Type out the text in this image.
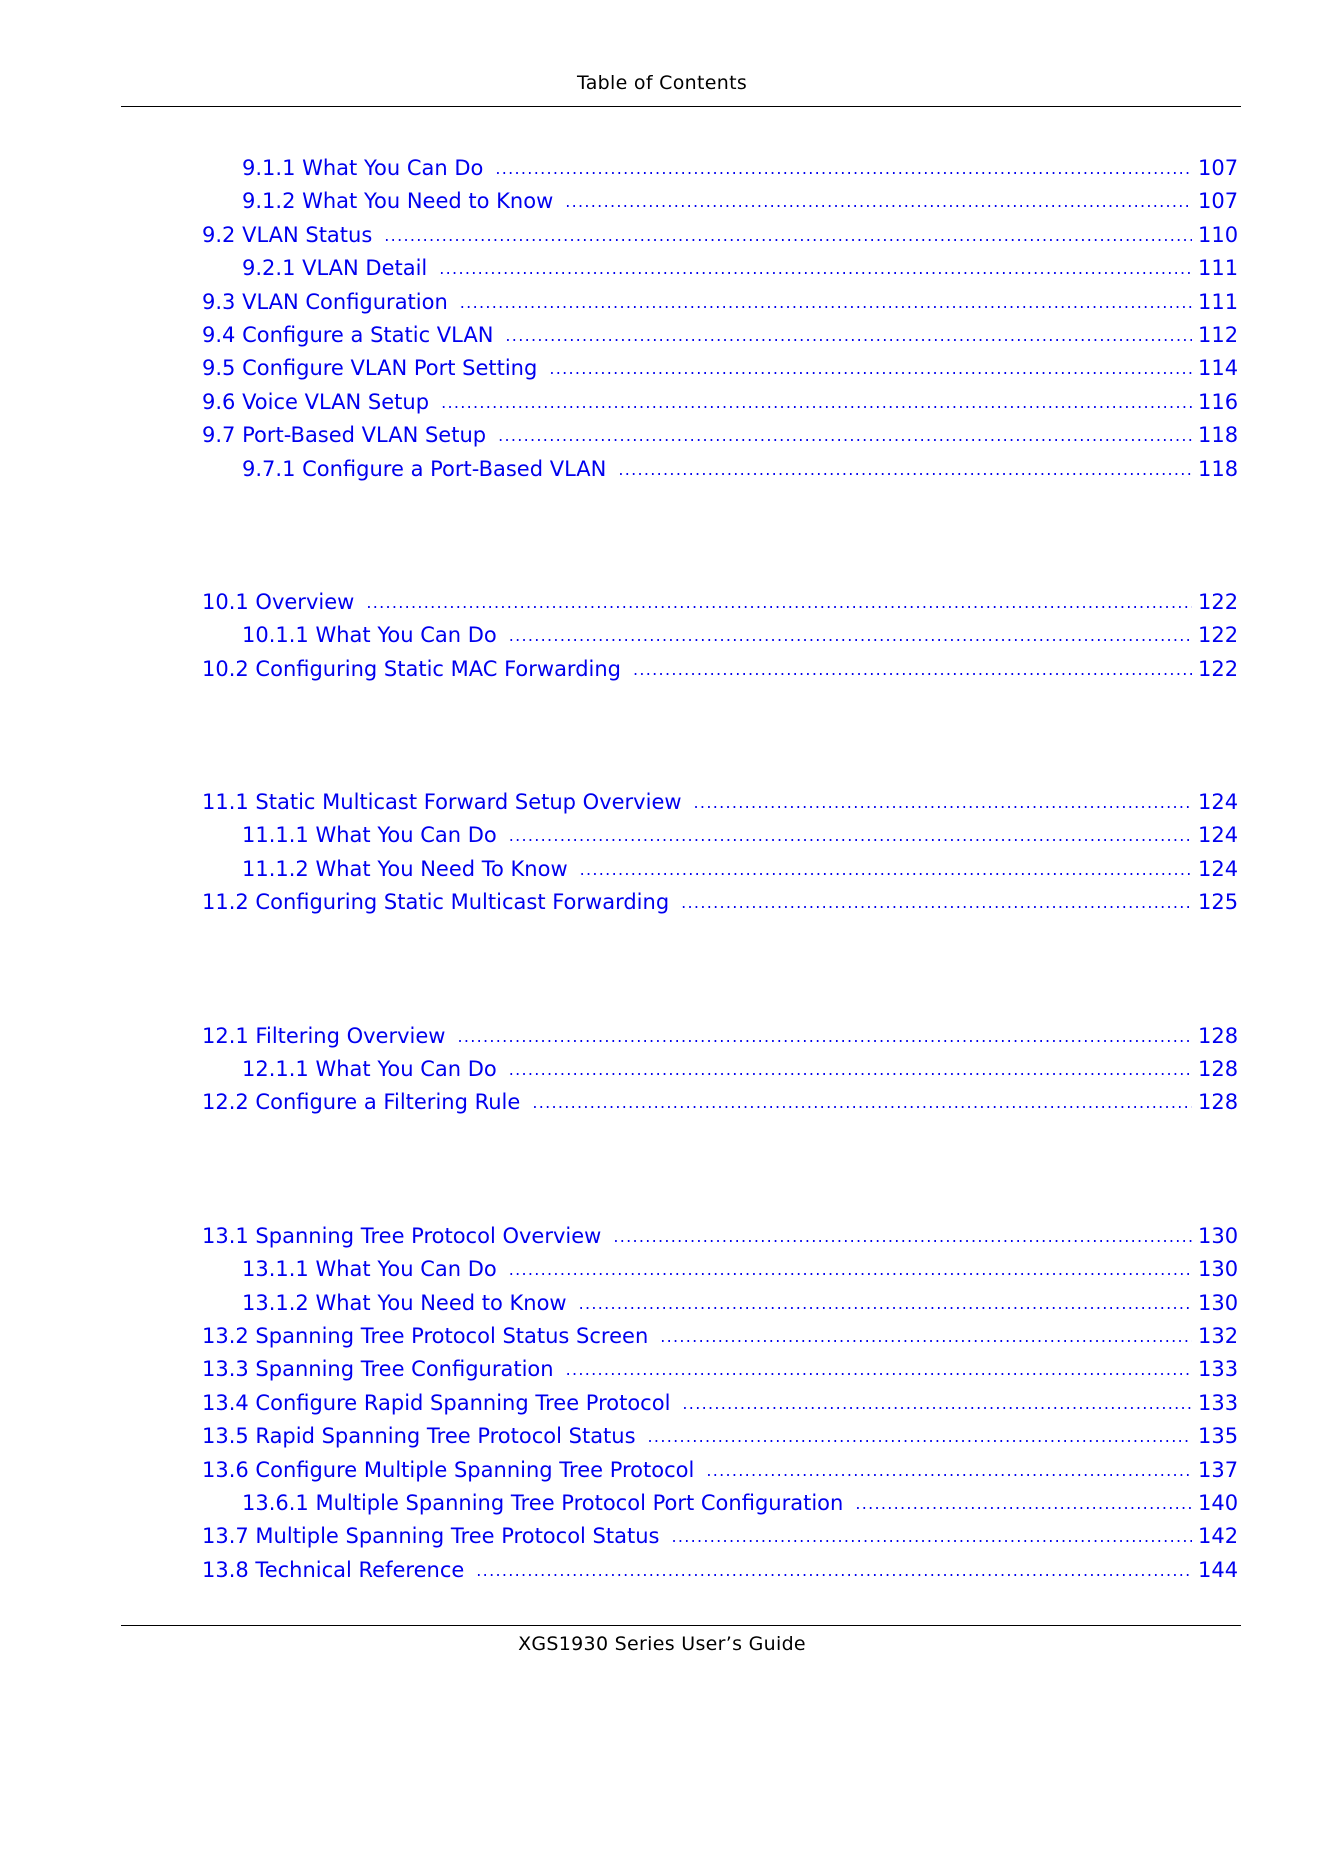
Table of Contents
9.1.1 What You Can Do .....	107
9.1.2 What You Need to Know .....	107
9.2 VLAN Status .....	110
9.2.1 VLAN Detail .....	111
9.3 VLAN Configuration .....	111
9.4 Configure a Static VLAN .....	112
9.5 Configure VLAN Port Setting .....	114
9.6 Voice VLAN Setup .....	116
9.7 Port-Based VLAN Setup .....	118
9.7.1 Configure a Port-Based VLAN .....	118
10.1 Overview .....	122
10.1.1 What You Can Do .....	122
10.2 Configuring Static MAC Forwarding .....	122
11.1 Static Multicast Forward Setup Overview .....	124
11.1.1 What You Can Do .....	124
11.1.2 What You Need To Know .....	124
11.2 Configuring Static Multicast Forwarding .....	125
12.1 Filtering Overview .....	128
12.1.1 What You Can Do .....	128
12.2 Configure a Filtering Rule .....	128
13.1 Spanning Tree Protocol Overview .....	130
13.1.1 What You Can Do .....	130
13.1.2 What You Need to Know .....	130
13.2 Spanning Tree Protocol Status Screen .....	132
13.3 Spanning Tree Configuration .....	133
13.4 Configure Rapid Spanning Tree Protocol .....	133
13.5 Rapid Spanning Tree Protocol Status .....	135
13.6 Configure Multiple Spanning Tree Protocol .....	137
13.6.1 Multiple Spanning Tree Protocol Port Configuration .....	140
13.7 Multiple Spanning Tree Protocol Status .....	142
13.8 Technical Reference .....	144
XGS1930 Series User’s Guide
